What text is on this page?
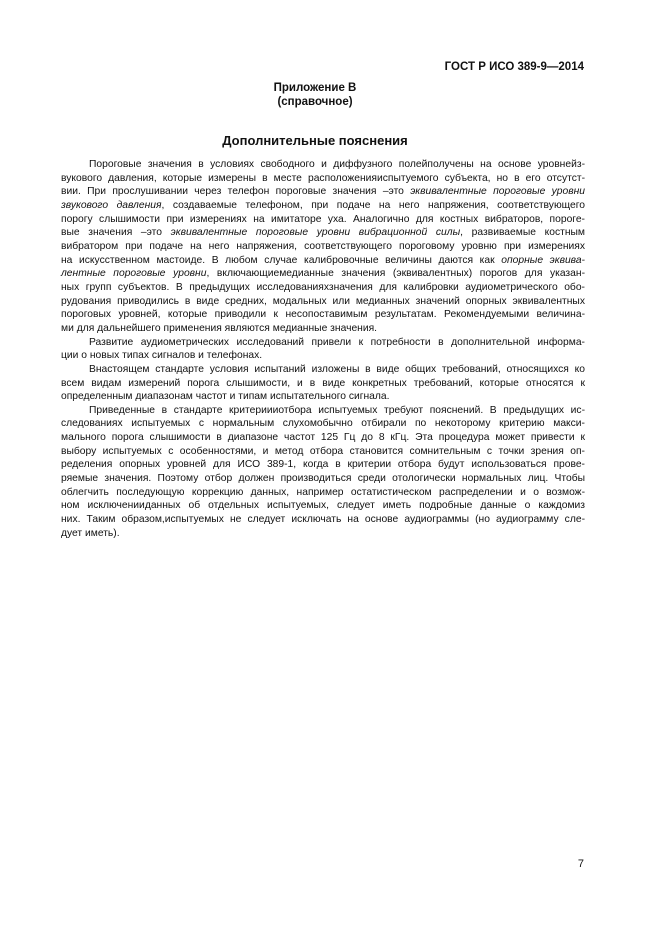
ГОСТ Р ИСО 389-9—2014

Приложение В
(справочное)
Дополнительные пояснения
Пороговые значения в условиях свободного и диффузного полейполучены на основе уровнейз-
вукового давления, которые измерены в месте расположенияиспытуемого субъекта, но в его отсутст-
вии. При прослушивании через телефон пороговые значения –это эквивалентные пороговые уровни
звукового давления, создаваемые телефоном, при подаче на него напряжения, соответствующего
порогу слышимости при измерениях на имитаторе уха. Аналогично для костных вибраторов, пороге-
вые значения –это эквивалентные пороговые уровни вибрационной силы, развиваемые костным
вибратором при подаче на него напряжения, соответствующего пороговому уровню при измерениях
на искусственном мастоиде. В любом случае калибровочные величины даются как опорные эквива-
лентные пороговые уровни, включающиемедианные значения (эквивалентных) порогов для указан-
ных групп субъектов. В предыдущих исследованияхзначения для калибровки аудиометрического обо-
рудования приводились в виде средних, модальных или медианных значений опорных эквивалентных
пороговых уровней, которые приводили к несопоставимым результатам. Рекомендуемыми величина-
ми для дальнейшего применения являются медианные значения.
Развитие аудиометрических исследований привели к потребности в дополнительной информа-
ции о новых типах сигналов и телефонах.
Внастоящем стандарте условия испытаний изложены в виде общих требований, относящихся ко
всем видам измерений порога слышимости, и в виде конкретных требований, которые относятся к
определенным диапазонам частот и типам испытательного сигнала.
Приведенные в стандарте критериииотбора испытуемых требуют пояснений. В предыдущих ис-
следованиях испытуемых с нормальным слухомобычно отбирали по некоторому критерию макси-
мального порога слышимости в диапазоне частот 125 Гц до 8 кГц. Эта процедура может привести к
выбору испытуемых с особенностями, и метод отбора становится сомнительным с точки зрения оп-
ределения опорных уровней для ИСО 389-1, когда в критерии отбора будут использоваться прове-
ряемые значения. Поэтому отбор должен производиться среди отологически нормальных лиц. Чтобы
облегчить последующую коррекцию данных, например остатистическом распределении и о возмож-
ном исключенииданных об отдельных испытуемых, следует иметь подробные данные о каждомиз
них. Таким образом,испытуемых не следует исключать на основе аудиограммы (но аудиограмму сле-
дует иметь).

7
